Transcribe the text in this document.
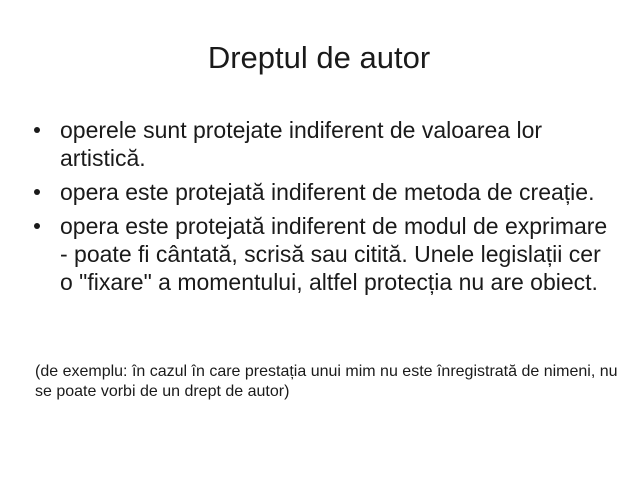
Dreptul de autor
operele sunt protejate indiferent de valoarea lor artistică.
opera este protejată indiferent de metoda de creație.
opera este protejată indiferent de modul de exprimare - poate fi cântată, scrisă sau citită. Unele legislații cer o "fixare" a momentului, altfel protecția nu are obiect.
(de exemplu: în cazul în care prestația unui mim nu este înregistrată de nimeni, nu se poate vorbi de un drept de autor)
